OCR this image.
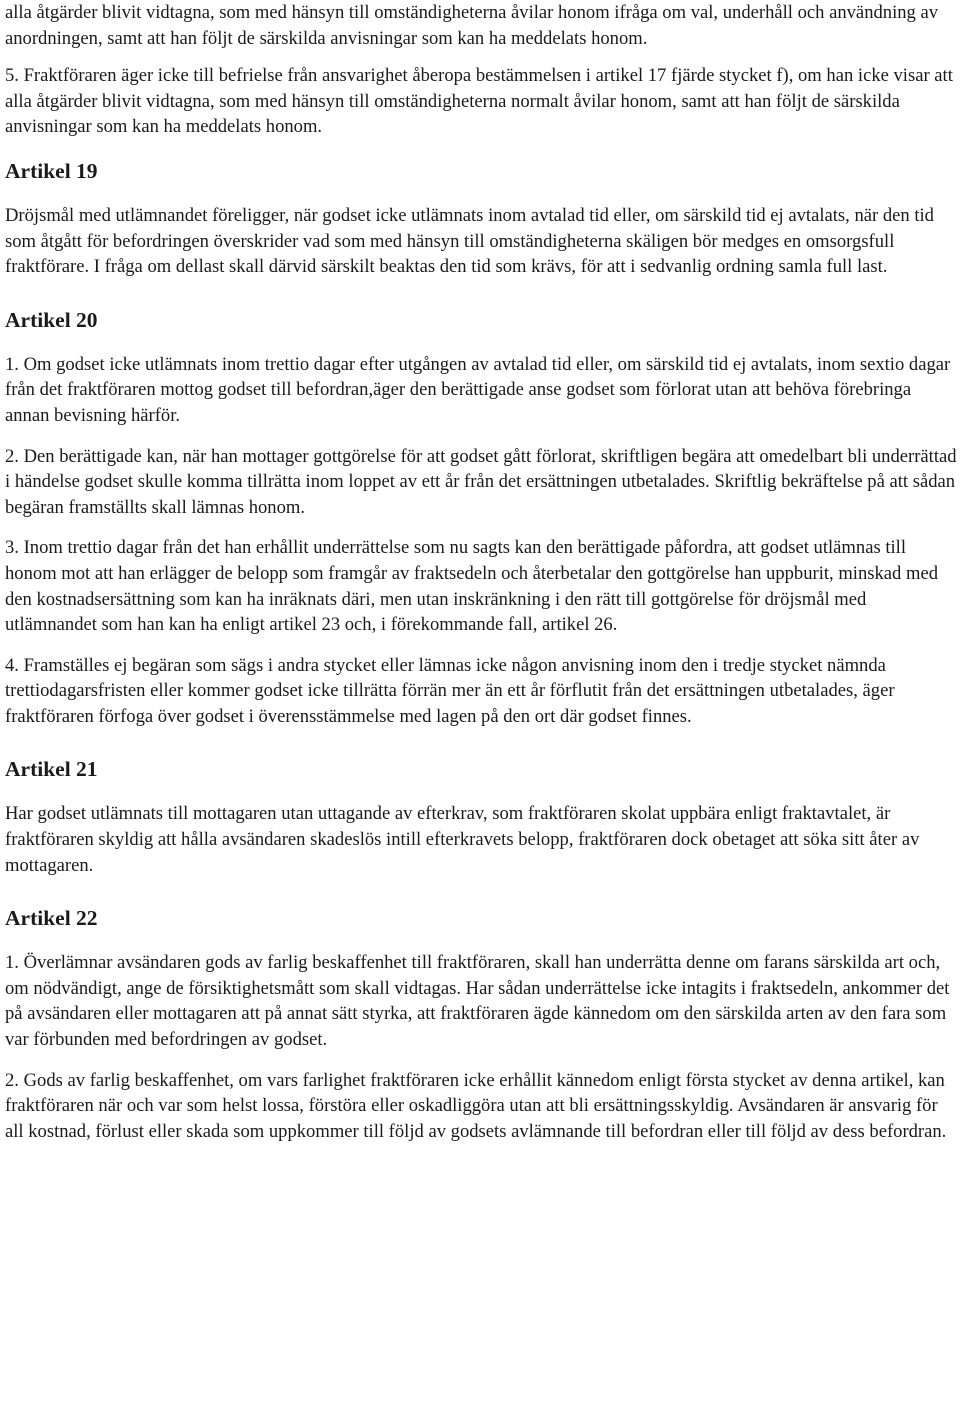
alla åtgärder blivit vidtagna, som med hänsyn till omständigheterna åvilar honom ifråga om val, underhåll och användning av anordningen, samt att han följt de särskilda anvisningar som kan ha meddelats honom.

5. Fraktföraren äger icke till befrielse från ansvarighet åberopa bestämmelsen i artikel 17 fjärde stycket f), om han icke visar att alla åtgärder blivit vidtagna, som med hänsyn till omständigheterna normalt åvilar honom, samt att han följt de särskilda anvisningar som kan ha meddelats honom.

Artikel 19

Dröjsmål med utlämnandet föreligger, när godset icke utlämnats inom avtalad tid eller, om särskild tid ej avtalats, när den tid som åtgått för befordringen överskrider vad som med hänsyn till omständigheterna skäligen bör medges en omsorgsfull fraktförare. I fråga om dellast skall därvid särskilt beaktas den tid som krävs, för att i sedvanlig ordning samla full last.

Artikel 20

1. Om godset icke utlämnats inom trettio dagar efter utgången av avtalad tid eller, om särskild tid ej avtalats, inom sextio dagar från det fraktföraren mottog godset till befordran,äger den berättigade anse godset som förlorat utan att behöva förebringa annan bevisning härför.

2. Den berättigade kan, när han mottager gottgörelse för att godset gått förlorat, skriftligen begära att omedelbart bli underrättad i händelse godset skulle komma tillrätta inom loppet av ett år från det ersättningen utbetalades. Skriftlig bekräftelse på att sådan begäran framställts skall lämnas honom.

3. Inom trettio dagar från det han erhållit underrättelse som nu sagts kan den berättigade påfordra, att godset utlämnas till honom mot att han erlägger de belopp som framgår av fraktsedeln och återbetalar den gottgörelse han uppburit, minskad med den kostnadsersättning som kan ha inräknats däri, men utan inskränkning i den rätt till gottgörelse för dröjsmål med utlämnandet som han kan ha enligt artikel 23 och, i förekommande fall, artikel 26.

4. Framställes ej begäran som sägs i andra stycket eller lämnas icke någon anvisning inom den i tredje stycket nämnda trettiodagarsfristen eller kommer godset icke tillrätta förrän mer än ett år förflutit från det ersättningen utbetalades, äger fraktföraren förfoga över godset i överensstämmelse med lagen på den ort där godset finnes.

Artikel 21

Har godset utlämnats till mottagaren utan uttagande av efterkrav, som fraktföraren skolat uppbära enligt fraktavtalet, är fraktföraren skyldig att hålla avsändaren skadeslös intill efterkravets belopp, fraktföraren dock obetaget att söka sitt åter av mottagaren.

Artikel 22

1. Överlämnar avsändaren gods av farlig beskaffenhet till fraktföraren, skall han underrätta denne om farans särskilda art och, om nödvändigt, ange de försiktighetsmått som skall vidtagas. Har sådan underrättelse icke intagits i fraktsedeln, ankommer det på avsändaren eller mottagaren att på annat sätt styrka, att fraktföraren ägde kännedom om den särskilda arten av den fara som var förbunden med befordringen av godset.

2. Gods av farlig beskaffenhet, om vars farlighet fraktföraren icke erhållit kännedom enligt första stycket av denna artikel, kan fraktföraren när och var som helst lossa, förstöra eller oskadliggöra utan att bli ersättningsskyldig. Avsändaren är ansvarig för all kostnad, förlust eller skada som uppkommer till följd av godsets avlämnande till befordran eller till följd av dess befordran.
